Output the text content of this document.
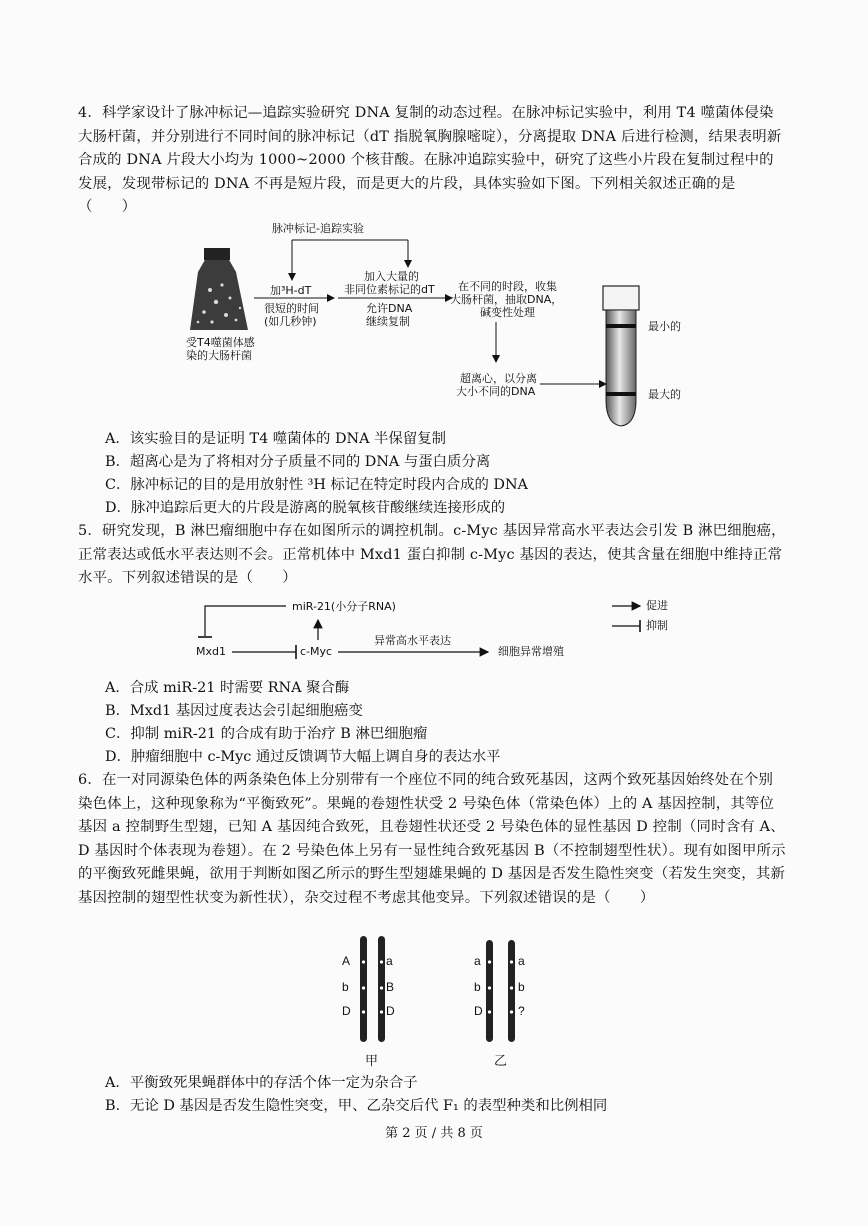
4．科学家设计了脉冲标记—追踪实验研究 DNA 复制的动态过程。在脉冲标记实验中，利用 T4 噬菌体侵染大肠杆菌，并分别进行不同时间的脉冲标记（dT 指脱氧胸腺嘧啶），分离提取 DNA 后进行检测，结果表明新合成的 DNA 片段大小均为 1000~2000 个核苷酸。在脉冲追踪实验中，研究了这些小片段在复制过程中的发展，发现带标记的 DNA 不再是短片段，而是更大的片段，具体实验如下图。下列相关叙述正确的是（　　）
脉冲标记-追踪实验
受T4噬菌体感
染的大肠杆菌
加³H-dT
很短的时间
(如几秒钟)
加入大量的
非同位素标记的dT
允许DNA
继续复制
在不同的时段，收集
大肠杆菌，抽取DNA，
碱变性处理
超离心，以分离
大小不同的DNA
最小的
最大的
A．该实验目的是证明 T4 噬菌体的 DNA 半保留复制
B．超离心是为了将相对分子质量不同的 DNA 与蛋白质分离
C．脉冲标记的目的是用放射性 ³H 标记在特定时段内合成的 DNA
D．脉冲追踪后更大的片段是游离的脱氧核苷酸继续连接形成的
5．研究发现，B 淋巴瘤细胞中存在如图所示的调控机制。c-Myc 基因异常高水平表达会引发 B 淋巴细胞癌，正常表达或低水平表达则不会。正常机体中 Mxd1 蛋白抑制 c-Myc 基因的表达，使其含量在细胞中维持正常水平。下列叙述错误的是（　　）
miR-21(小分子RNA)
Mxd1	c-Myc
异常高水平表达
细胞异常增殖
促进
抑制
A．合成 miR-21 时需要 RNA 聚合酶
B．Mxd1 基因过度表达会引起细胞癌变
C．抑制 miR-21 的合成有助于治疗 B 淋巴细胞瘤
D．肿瘤细胞中 c-Myc 通过反馈调节大幅上调自身的表达水平
6．在一对同源染色体的两条染色体上分别带有一个座位不同的纯合致死基因，这两个致死基因始终处在个别染色体上，这种现象称为“平衡致死”。果蝇的卷翅性状受 2 号染色体（常染色体）上的 A 基因控制，其等位基因 a 控制野生型翅，已知 A 基因纯合致死，且卷翅性状还受 2 号染色体的显性基因 D 控制（同时含有 A、D 基因时个体表现为卷翅）。在 2 号染色体上另有一显性纯合致死基因 B（不控制翅型性状）。现有如图甲所示的平衡致死雌果蝇，欲用于判断如图乙所示的野生型翅雄果蝇的 D 基因是否发生隐性突变（若发生突变，其新基因控制的翅型性状变为新性状），杂交过程不考虑其他变异。下列叙述错误的是（　　）
A
b
D
a
B
D
甲
a
b
D
a
b
?
乙
A．平衡致死果蝇群体中的存活个体一定为杂合子
B．无论 D 基因是否发生隐性突变，甲、乙杂交后代 F₁ 的表型种类和比例相同
第 2 页 / 共 8 页
